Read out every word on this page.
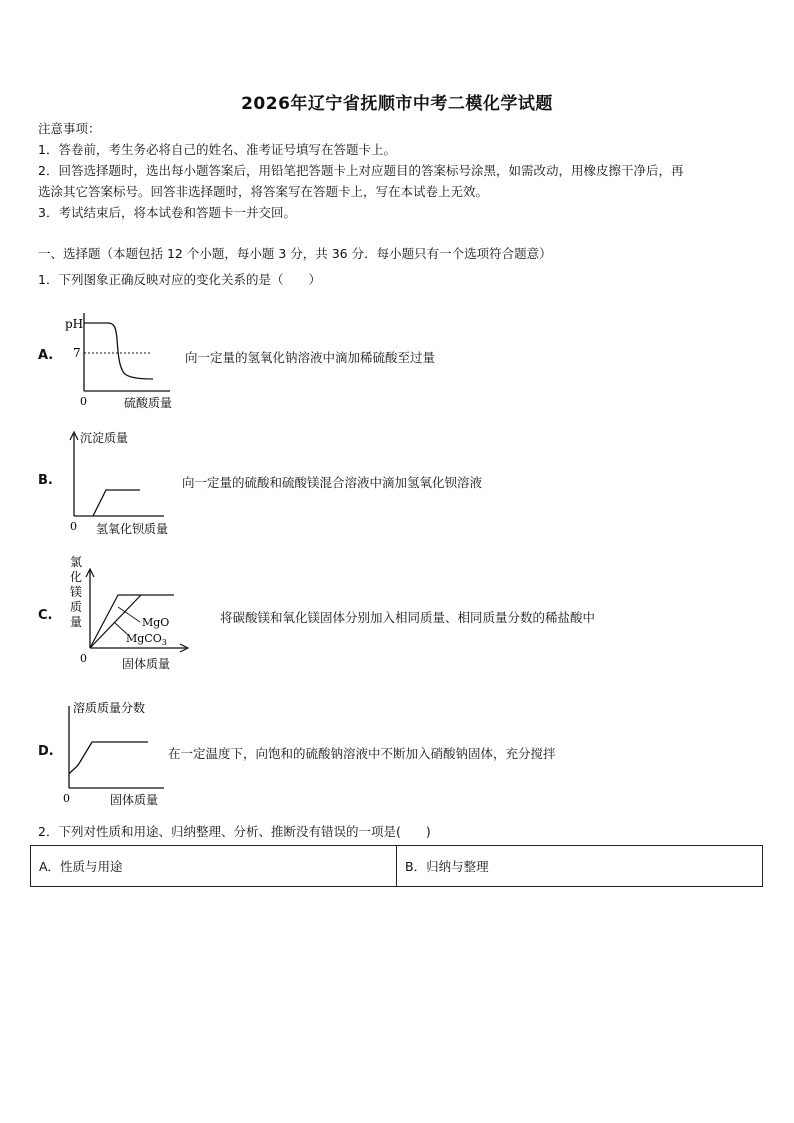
2026年辽宁省抚顺市中考二模化学试题
注意事项：
1．答卷前，考生务必将自己的姓名、准考证号填写在答题卡上。
2．回答选择题时，选出每小题答案后，用铅笔把答题卡上对应题目的答案标号涂黑，如需改动，用橡皮擦干净后，再
选涂其它答案标号。回答非选择题时，将答案写在答题卡上，写在本试卷上无效。
3．考试结束后，将本试卷和答题卡一并交回。
一、选择题（本题包括 12 个小题，每小题 3 分，共 36 分．每小题只有一个选项符合题意）
1．下列图象正确反映对应的变化关系的是（　　）
A.
pH
7
0	硫酸质量
向一定量的氢氧化钠溶液中滴加稀硫酸至过量
B.
沉淀质量
0 氢氧化钡质量
向一定量的硫酸和硫酸镁混合溶液中滴加氢氧化钡溶液
C.
氯
化
镁
质
量	MgO
MgCO$_3$
0	固体质量
将碳酸镁和氧化镁固体分别加入相同质量、相同质量分数的稀盐酸中
D.
溶质质量分数
0	固体质量
在一定温度下，向饱和的硫酸钠溶液中不断加入硝酸钠固体，充分搅拌
2．下列对性质和用途、归纳整理、分析、推断没有错误的一项是(　　)
A．性质与用途	B．归纳与整理
